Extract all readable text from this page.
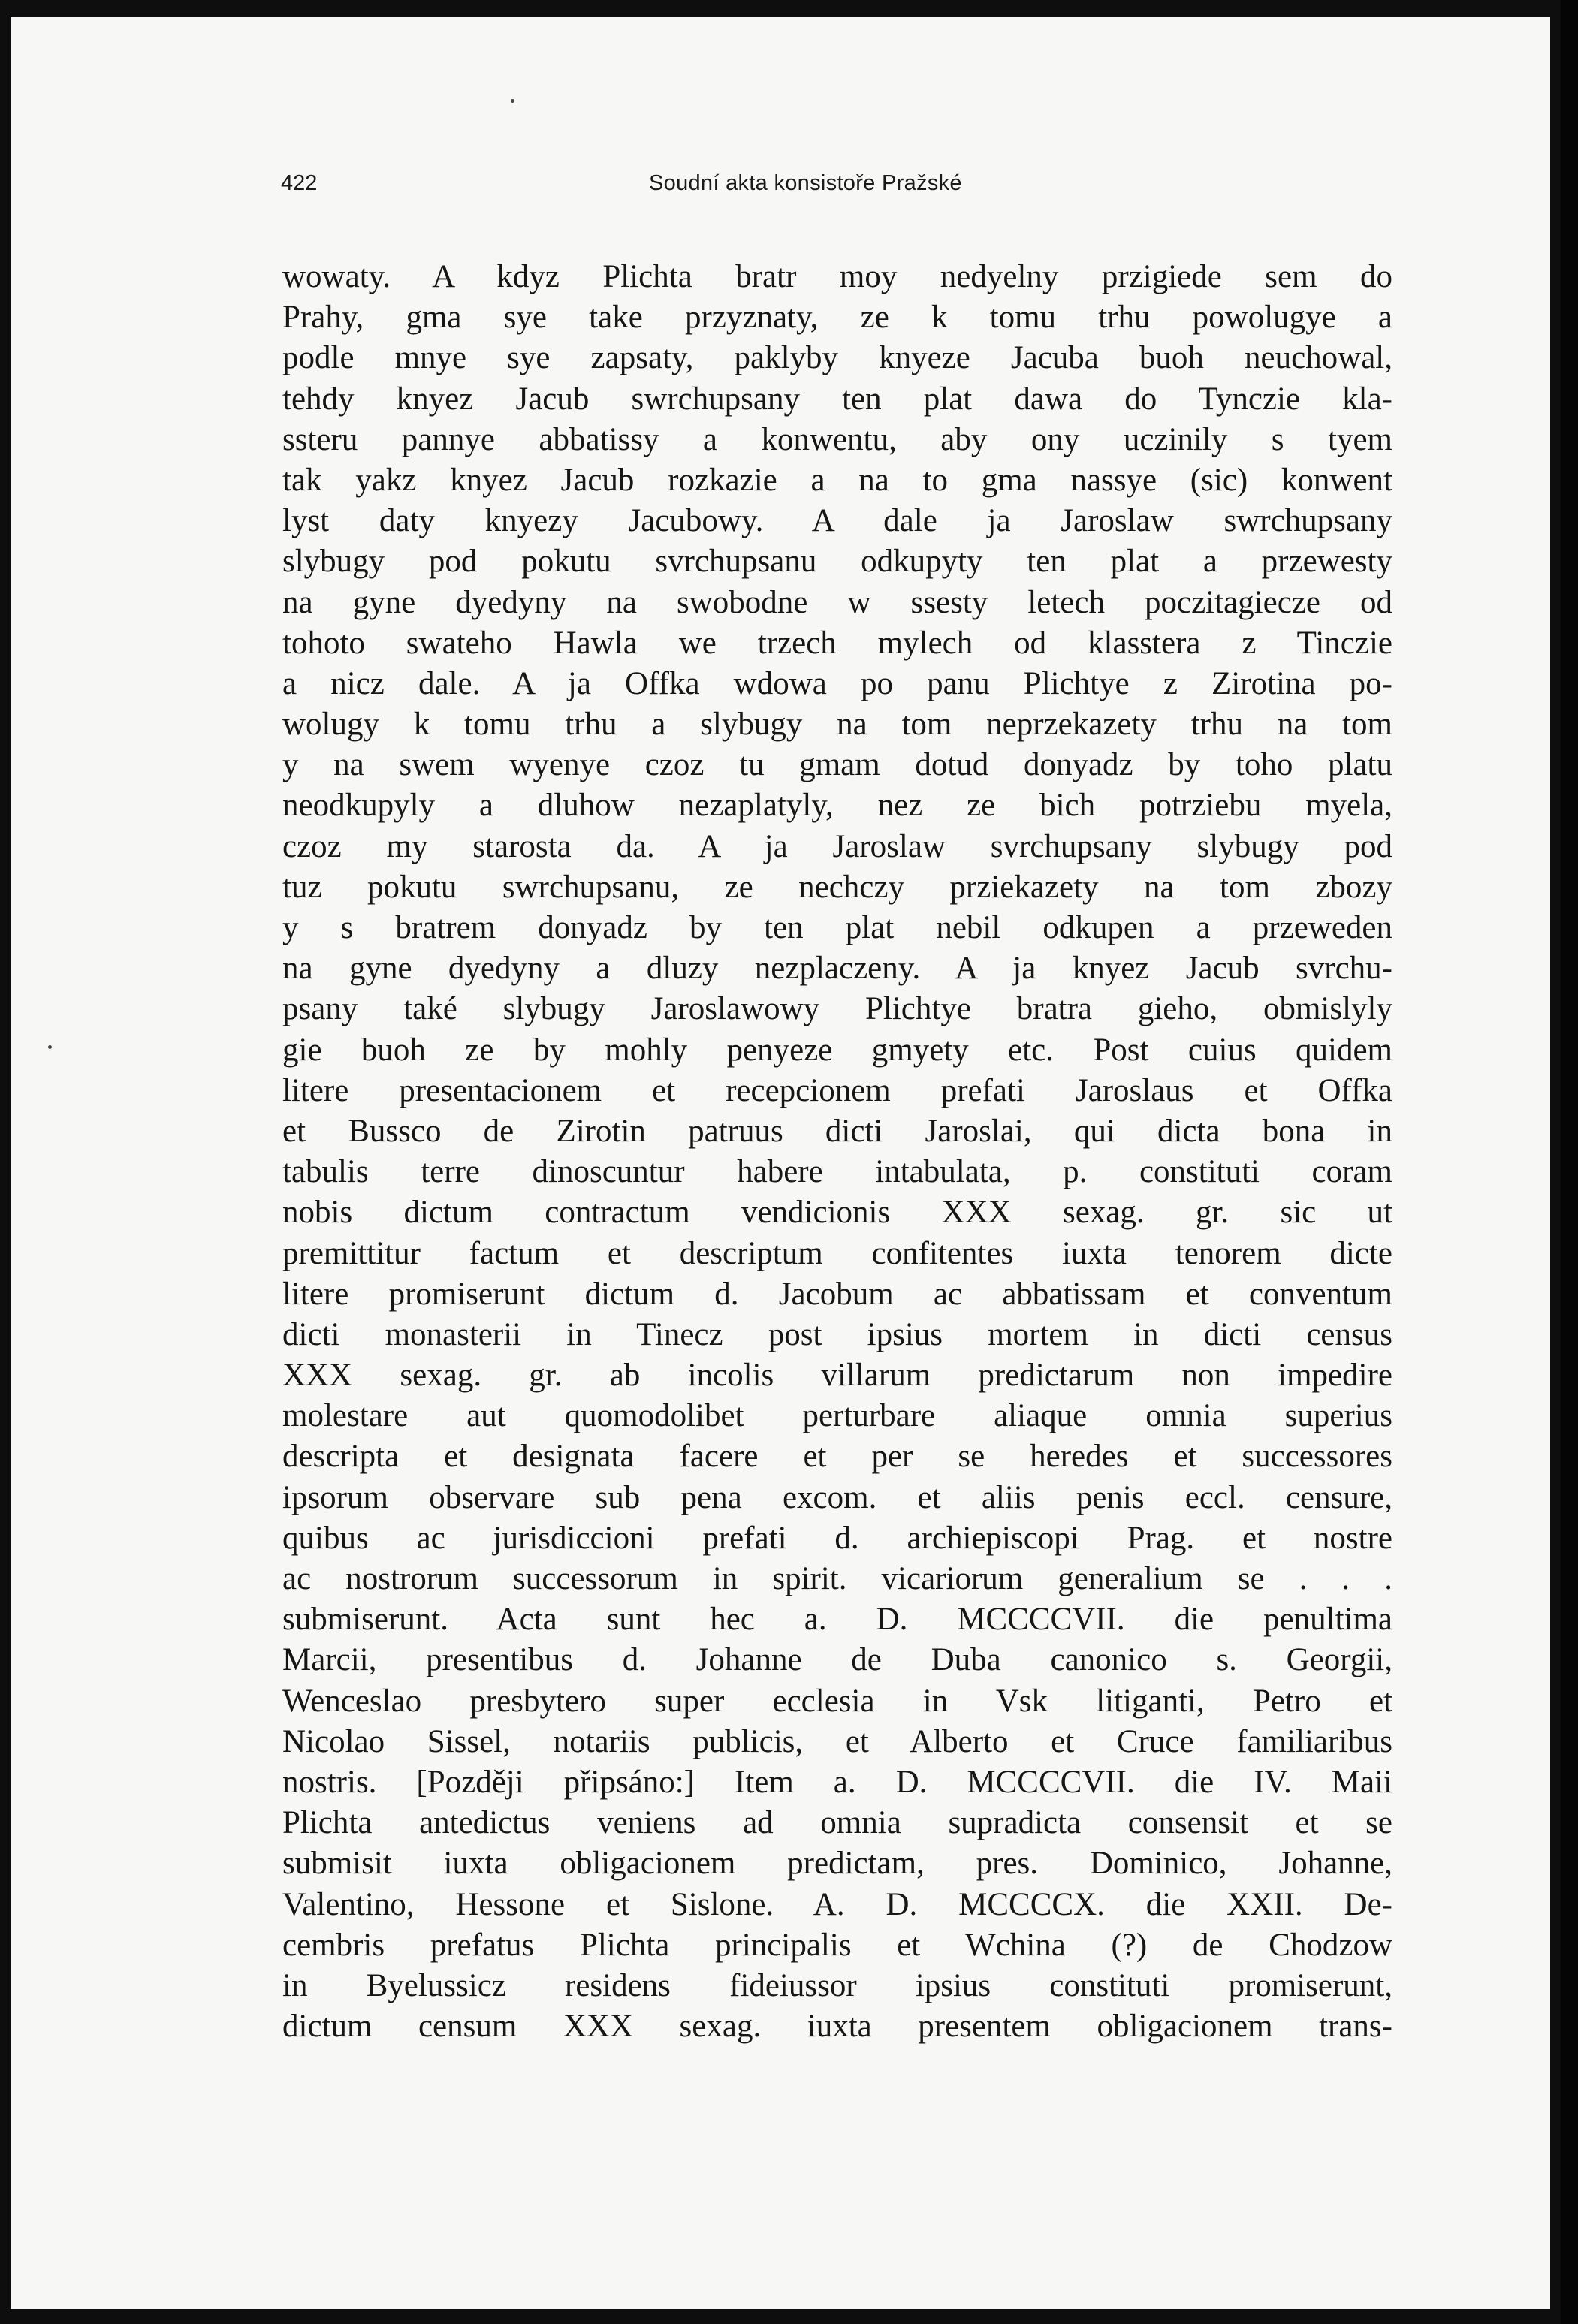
422	Soudní akta konsistoře Pražské
wowaty. A kdyz Plichta bratr moy nedyelny przigiede sem do
Prahy, gma sye take przyznaty, ze k tomu trhu powolugye a
podle mnye sye zapsaty, paklyby knyeze Jacuba buoh neuchowal,
tehdy knyez Jacub swrchupsany ten plat dawa do Tynczie kla-
ssteru pannye abbatissy a konwentu, aby ony uczinily s tyem
tak yakz knyez Jacub rozkazie a na to gma nassye (sic) konwent
lyst daty knyezy Jacubowy. A dale ja Jaroslaw swrchupsany
slybugy pod pokutu svrchupsanu odkupyty ten plat a przewesty
na gyne dyedyny na swobodne w ssesty letech poczitagiecze od
tohoto swateho Hawla we trzech mylech od klasstera z Tinczie
a nicz dale. A ja Offka wdowa po panu Plichtye z Zirotina po-
wolugy k tomu trhu a slybugy na tom neprzekazety trhu na tom
y na swem wyenye czoz tu gmam dotud donyadz by toho platu
neodkupyly a dluhow nezaplatyly, nez ze bich potrziebu myela,
czoz my starosta da. A ja Jaroslaw svrchupsany slybugy pod
tuz pokutu swrchupsanu, ze nechczy prziekazety na tom zbozy
y s bratrem donyadz by ten plat nebil odkupen a przeweden
na gyne dyedyny a dluzy nezplaczeny. A ja knyez Jacub svrchu-
psany také slybugy Jaroslawowy Plichtye bratra gieho, obmislyly
gie buoh ze by mohly penyeze gmyety etc. Post cuius quidem
litere presentacionem et recepcionem prefati Jaroslaus et Offka
et Bussco de Zirotin patruus dicti Jaroslai, qui dicta bona in
tabulis terre dinoscuntur habere intabulata, p. constituti coram
nobis dictum contractum vendicionis XXX sexag. gr. sic ut
premittitur factum et descriptum confitentes iuxta tenorem dicte
litere promiserunt dictum d. Jacobum ac abbatissam et conventum
dicti monasterii in Tinecz post ipsius mortem in dicti census
XXX sexag. gr. ab incolis villarum predictarum non impedire
molestare aut quomodolibet perturbare aliaque omnia superius
descripta et designata facere et per se heredes et successores
ipsorum observare sub pena excom. et aliis penis eccl. censure,
quibus ac jurisdiccioni prefati d. archiepiscopi Prag. et nostre
ac nostrorum successorum in spirit. vicariorum generalium se . . .
submiserunt. Acta sunt hec a. D. MCCCCVII. die penultima
Marcii, presentibus d. Johanne de Duba canonico s. Georgii,
Wenceslao presbytero super ecclesia in Vsk litiganti, Petro et
Nicolao Sissel, notariis publicis, et Alberto et Cruce familiaribus
nostris. [Později připsáno:] Item a. D. MCCCCVII. die IV. Maii
Plichta antedictus veniens ad omnia supradicta consensit et se
submisit iuxta obligacionem predictam, pres. Dominico, Johanne,
Valentino, Hessone et Sislone. A. D. MCCCCX. die XXII. De-
cembris prefatus Plichta principalis et Wchina (?) de Chodzow
in Byelussicz residens fideiussor ipsius constituti promiserunt,
dictum censum XXX sexag. iuxta presentem obligacionem trans-
